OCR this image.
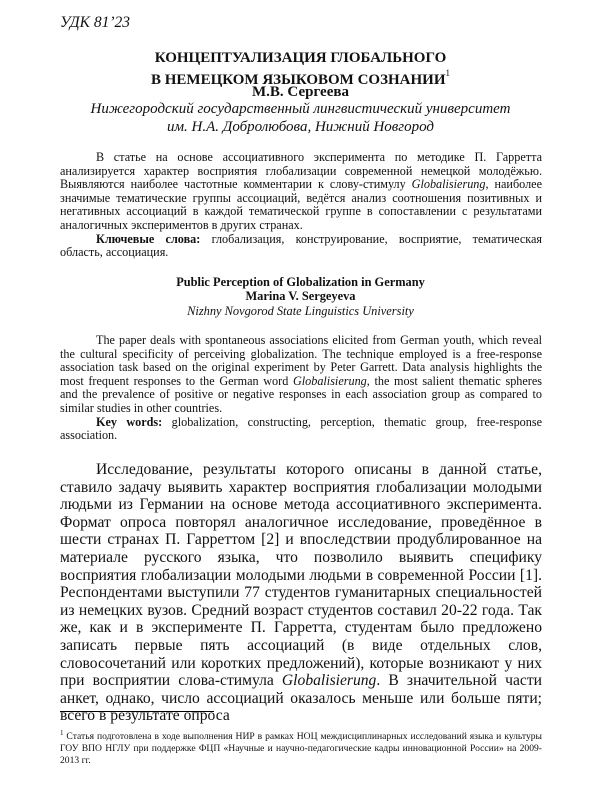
УДК 81’23
КОНЦЕПТУАЛИЗАЦИЯ ГЛОБАЛЬНОГО
В НЕМЕЦКОМ ЯЗЫКОВОМ СОЗНАНИИ$^1$
М.В. Сергеева
Нижегородский государственный лингвистический университет
им. Н.А. Добролюбова, Нижний Новгород
В статье на основе ассоциативного эксперимента по методике П. Гарретта анализируется характер восприятия глобализации современной немецкой молодёжью. Выявляются наиболее частотные комментарии к слову-стимулу Globalisierung, наиболее значимые тематические группы ассоциаций, ведётся анализ соотношения позитивных и негативных ассоциаций в каждой тематической группе в сопоставлении с результатами аналогичных экспериментов в других странах.
Ключевые слова: глобализация, конструирование, восприятие, тематическая область, ассоциация.
Public Perception of Globalization in Germany
Marina V. Sergeyeva
Nizhny Novgorod State Linguistics University
The paper deals with spontaneous associations elicited from German youth, which reveal the cultural specificity of perceiving globalization. The technique employed is a free-response association task based on the original experiment by Peter Garrett. Data analysis highlights the most frequent responses to the German word Globalisierung, the most salient thematic spheres and the prevalence of positive or negative responses in each association group as compared to similar studies in other countries.
Key words: globalization, constructing, perception, thematic group, free-response association.
Исследование, результаты которого описаны в данной статье, ставило задачу выявить характер восприятия глобализации молодыми людьми из Германии на основе метода ассоциативного эксперимента. Формат опроса повторял аналогичное исследование, проведённое в шести странах П. Гарреттом [2] и впоследствии продублированное на материале русского языка, что позволило выявить специфику восприятия глобализации молодыми людьми в современной России [1]. Респондентами выступили 77 студентов гуманитарных специальностей из немецких вузов. Средний возраст студентов составил 20-22 года. Так же, как и в эксперименте П. Гарретта, студентам было предложено записать первые пять ассоциаций (в виде отдельных слов, словосочетаний или коротких предложений), которые возникают у них при восприятии слова-стимула Globalisierung. В значительной части анкет, однако, число ассоциаций оказалось меньше или больше пяти; всего в результате опроса
$^1$ Статья подготовлена в ходе выполнения НИР в рамках НОЦ междисциплинарных исследований языка и культуры ГОУ ВПО НГЛУ при поддержке ФЦП «Научные и научно-педагогические кадры инновационной России» на 2009-2013 гг.
